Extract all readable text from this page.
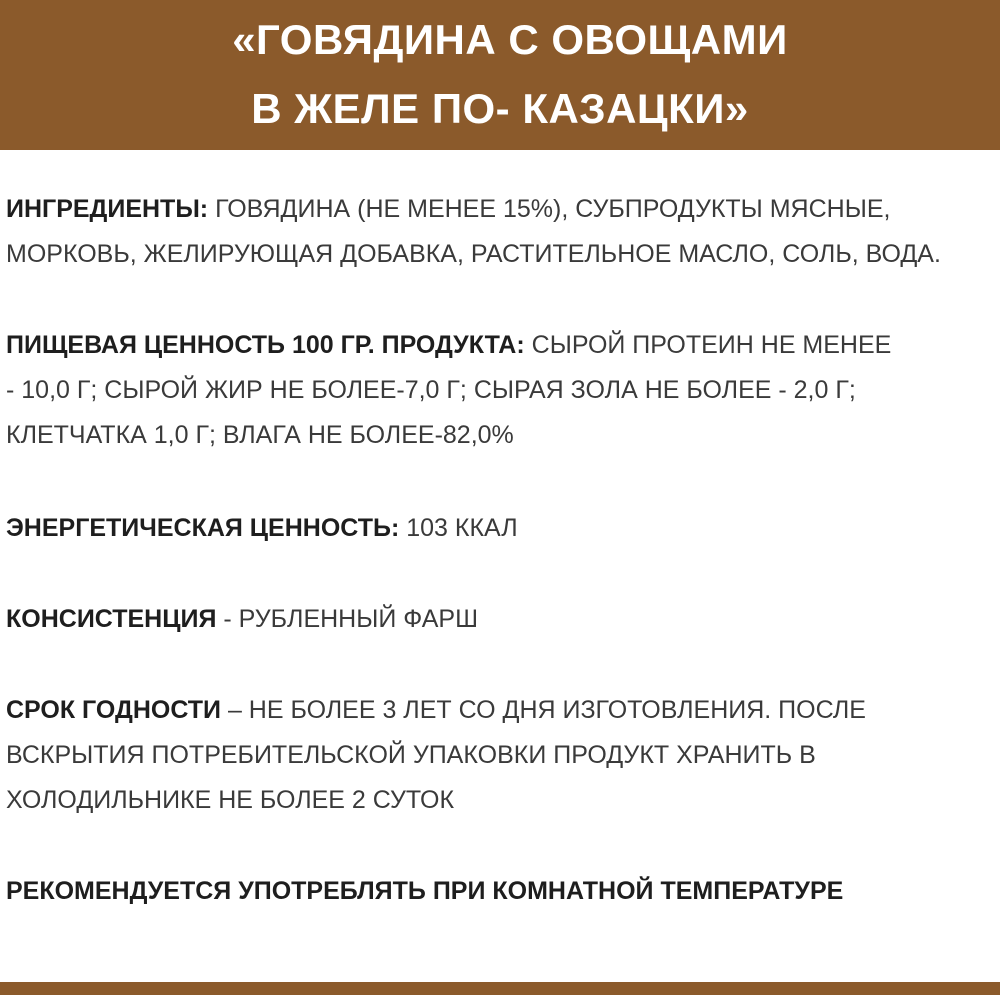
«ГОВЯДИНА С ОВОЩАМИ
В ЖЕЛЕ ПО- КАЗАЦКИ»
ИНГРЕДИЕНТЫ: ГОВЯДИНА (НЕ МЕНЕЕ 15%), СУБПРОДУКТЫ МЯСНЫЕ,
МОРКОВЬ, ЖЕЛИРУЮЩАЯ ДОБАВКА, РАСТИТЕЛЬНОЕ МАСЛО, СОЛЬ, ВОДА.
ПИЩЕВАЯ ЦЕННОСТЬ 100 ГР. ПРОДУКТА: СЫРОЙ ПРОТЕИН НЕ МЕНЕЕ
- 10,0 Г; СЫРОЙ ЖИР НЕ БОЛЕЕ-7,0 Г; СЫРАЯ ЗОЛА НЕ БОЛЕЕ - 2,0 Г;
КЛЕТЧАТКА 1,0 Г; ВЛАГА НЕ БОЛЕЕ-82,0%
ЭНЕРГЕТИЧЕСКАЯ ЦЕННОСТЬ: 103 ККАЛ
КОНСИСТЕНЦИЯ - РУБЛЕННЫЙ ФАРШ
СРОК ГОДНОСТИ – НЕ БОЛЕЕ 3 ЛЕТ СО ДНЯ ИЗГОТОВЛЕНИЯ. ПОСЛЕ
ВСКРЫТИЯ ПОТРЕБИТЕЛЬСКОЙ УПАКОВКИ ПРОДУКТ ХРАНИТЬ В
ХОЛОДИЛЬНИКЕ НЕ БОЛЕЕ 2 СУТОК
РЕКОМЕНДУЕТСЯ УПОТРЕБЛЯТЬ ПРИ КОМНАТНОЙ ТЕМПЕРАТУРЕ
